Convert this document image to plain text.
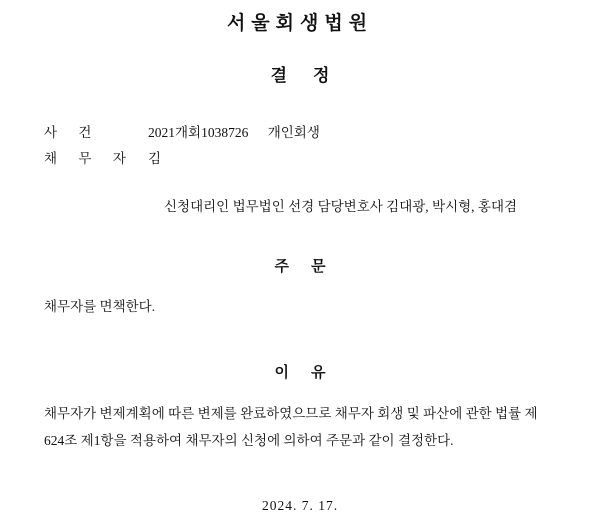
서울회생법원
결정
사 건	2021개회1038726 개인회생
채 무 자 김
신청대리인 법무법인 선경 담당변호사 김대광, 박시형, 홍대겸
주문
채무자를 면책한다.
이유
채무자가 변제계획에 따른 변제를 완료하였으므로 채무자 회생 및 파산에 관한 법률 제624조 제1항을 적용하여 채무자의 신청에 의하여 주문과 같이 결정한다.
2024. 7. 17.
